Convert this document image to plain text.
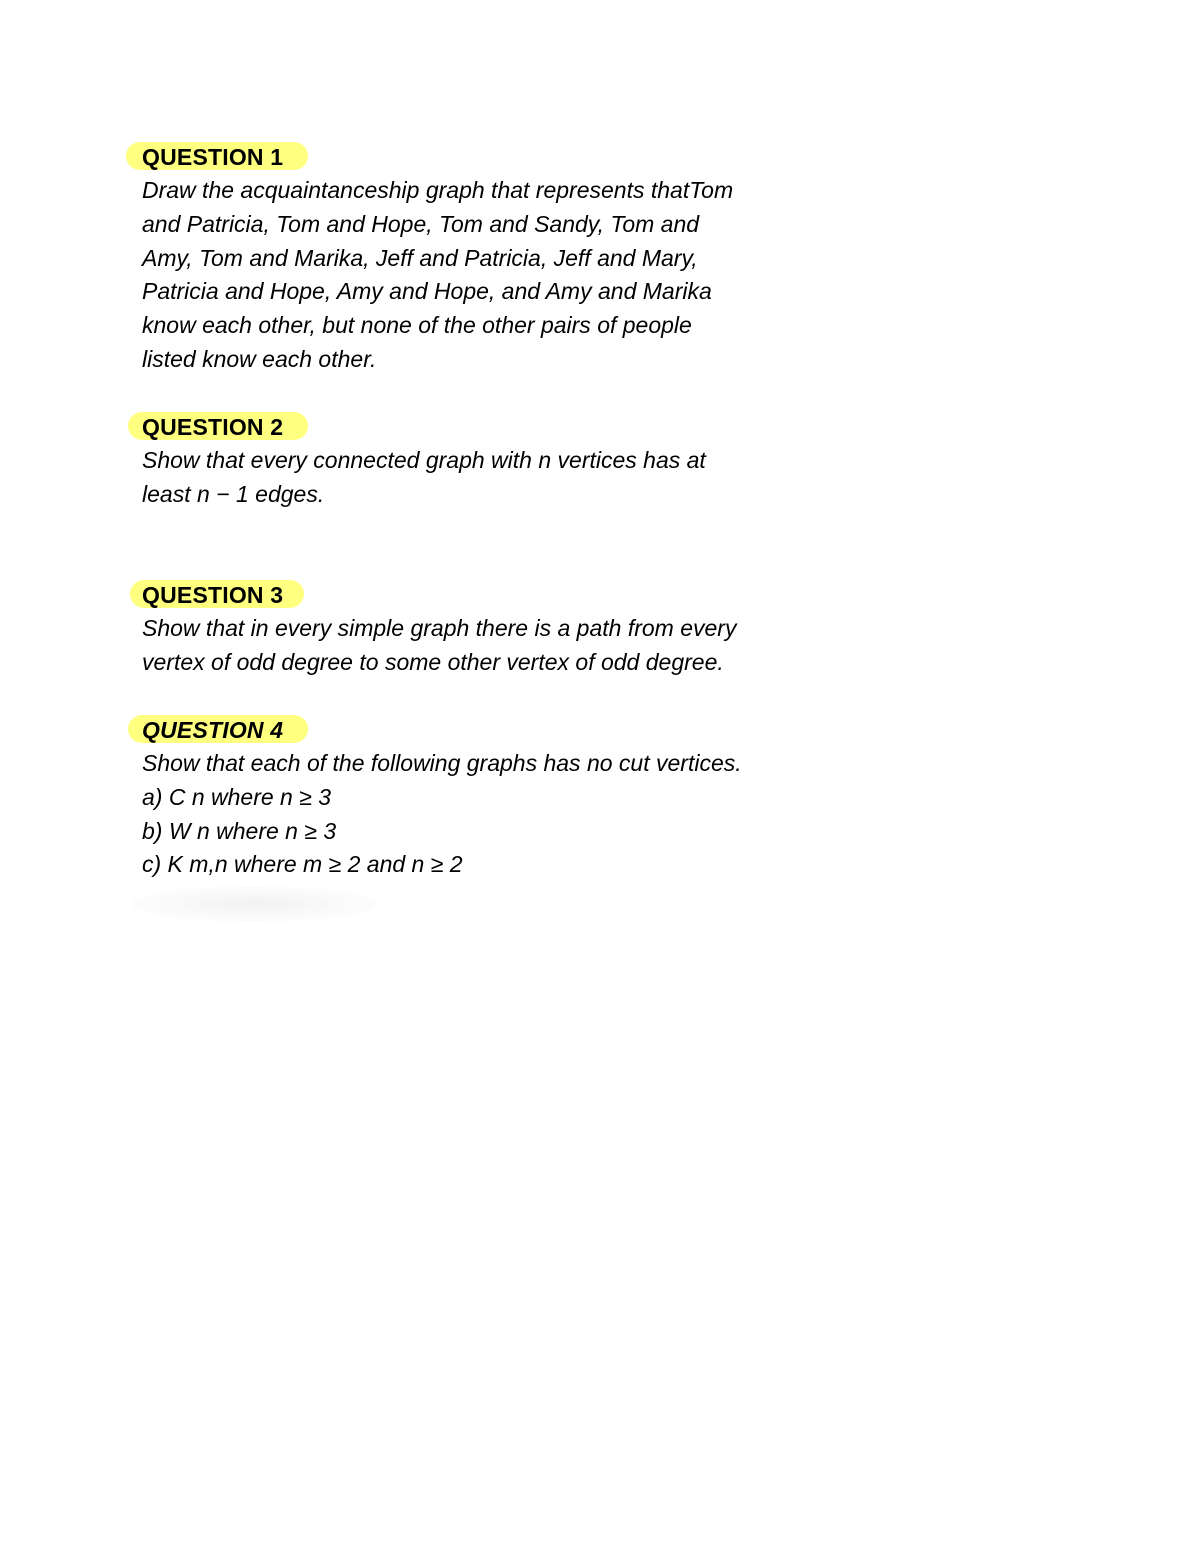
QUESTION 1

Draw the acquaintanceship graph that represents thatTom
and Patricia, Tom and Hope, Tom and Sandy, Tom and
Amy, Tom and Marika, Jeff and Patricia, Jeff and Mary,
Patricia and Hope, Amy and Hope, and Amy and Marika
know each other, but none of the other pairs of people
listed know each other.

QUESTION 2

Show that every connected graph with n vertices has at
least n − 1 edges.

QUESTION 3

Show that in every simple graph there is a path from every
vertex of odd degree to some other vertex of odd degree.

QUESTION 4

Show that each of the following graphs has no cut vertices.
a) C n where n ≥ 3
b) W n where n ≥ 3
c) K m,n where m ≥ 2 and n ≥ 2
